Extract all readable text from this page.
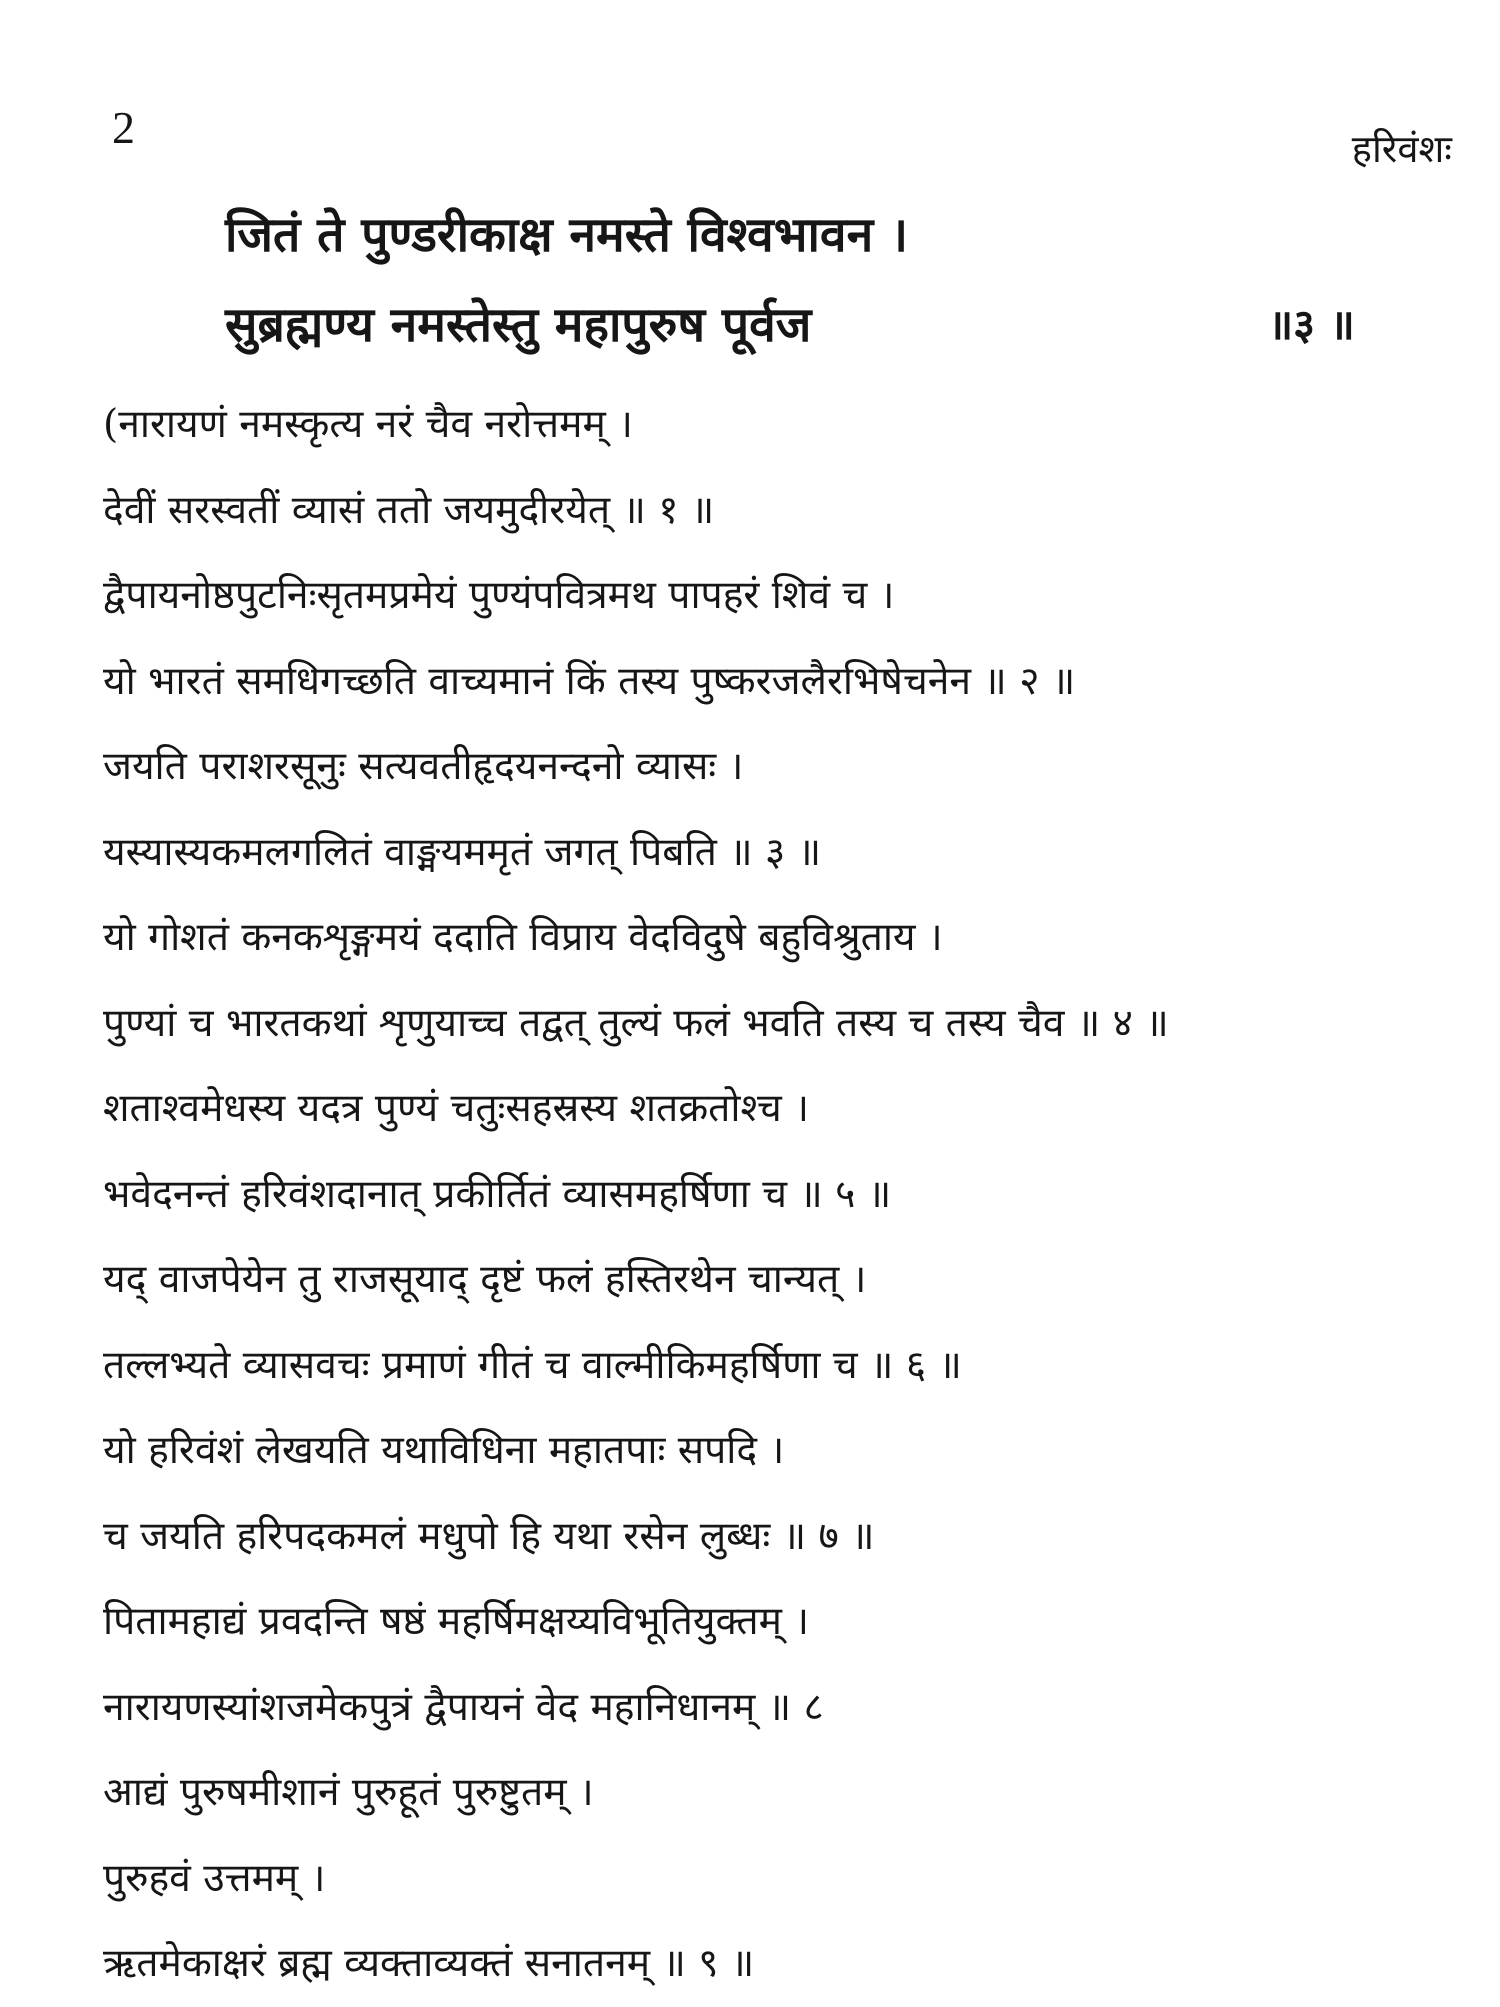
2	हरिवंशः
जितं ते पुण्डरीकाक्ष नमस्ते विश्वभावन ।
सुब्रह्मण्य नमस्तेस्तु महापुरुष पूर्वज	॥३ ॥
(नारायणं नमस्कृत्य नरं चैव नरोत्तमम् ।
देवीं सरस्वतीं व्यासं ततो जयमुदीरयेत् ॥ १ ॥
द्वैपायनोष्ठपुटनिःसृतमप्रमेयं पुण्यंपवित्रमथ पापहरं शिवं च ।
यो भारतं समधिगच्छति वाच्यमानं किं तस्य पुष्करजलैरभिषेचनेन ॥ २ ॥
जयति पराशरसूनुः सत्यवतीहृदयनन्दनो व्यासः ।
यस्यास्यकमलगलितं वाङ्मयममृतं जगत् पिबति ॥ ३ ॥
यो गोशतं कनकशृङ्गमयं ददाति विप्राय वेदविदुषे बहुविश्रुताय ।
पुण्यां च भारतकथां शृणुयाच्च तद्वत् तुल्यं फलं भवति तस्य च तस्य चैव ॥ ४ ॥
शताश्वमेधस्य यदत्र पुण्यं चतुःसहस्रस्य शतक्रतोश्च ।
भवेदनन्तं हरिवंशदानात् प्रकीर्तितं व्यासमहर्षिणा च ॥ ५ ॥
यद् वाजपेयेन तु राजसूयाद् दृष्टं फलं हस्तिरथेन चान्यत् ।
तल्लभ्यते व्यासवचः प्रमाणं गीतं च वाल्मीकिमहर्षिणा च ॥ ६ ॥
यो हरिवंशं लेखयति यथाविधिना महातपाः सपदि ।
च जयति हरिपदकमलं मधुपो हि यथा रसेन लुब्धः ॥ ७ ॥
पितामहाद्यं प्रवदन्ति षष्ठं महर्षिमक्षय्यविभूतियुक्तम् ।
नारायणस्यांशजमेकपुत्रं द्वैपायनं वेद महानिधानम् ॥ ८
आद्यं पुरुषमीशानं पुरुहूतं पुरुष्टुतम् ।
पुरुहवं उत्तमम् ।
ऋतमेकाक्षरं ब्रह्म व्यक्ताव्यक्तं सनातनम् ॥ ९ ॥
